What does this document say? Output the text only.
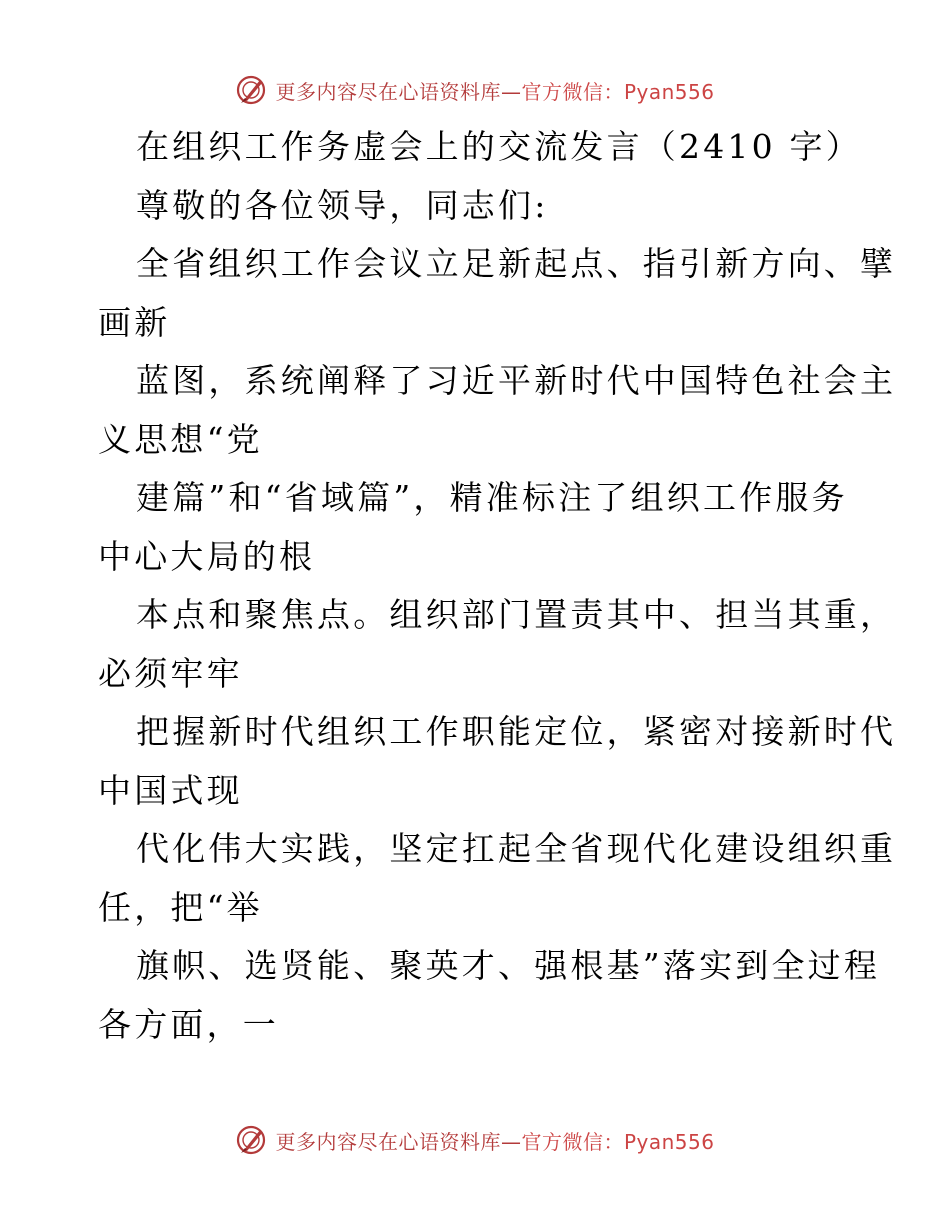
更多内容尽在心语资料库—官方微信：Pyan556
在组织工作务虚会上的交流发言（2410 字）
尊敬的各位领导，同志们:
全省组织工作会议立足新起点、指引新方向、擘
画新
蓝图，系统阐释了习近平新时代中国特色社会主
义思想“党
建篇”和“省域篇”，精准标注了组织工作服务
中心大局的根
本点和聚焦点。组织部门置责其中、担当其重，
必须牢牢
把握新时代组织工作职能定位，紧密对接新时代
中国式现
代化伟大实践，坚定扛起全省现代化建设组织重
任，把“举
旗帜、选贤能、聚英才、强根基”落实到全过程
各方面，一
更多内容尽在心语资料库—官方微信：Pyan556
